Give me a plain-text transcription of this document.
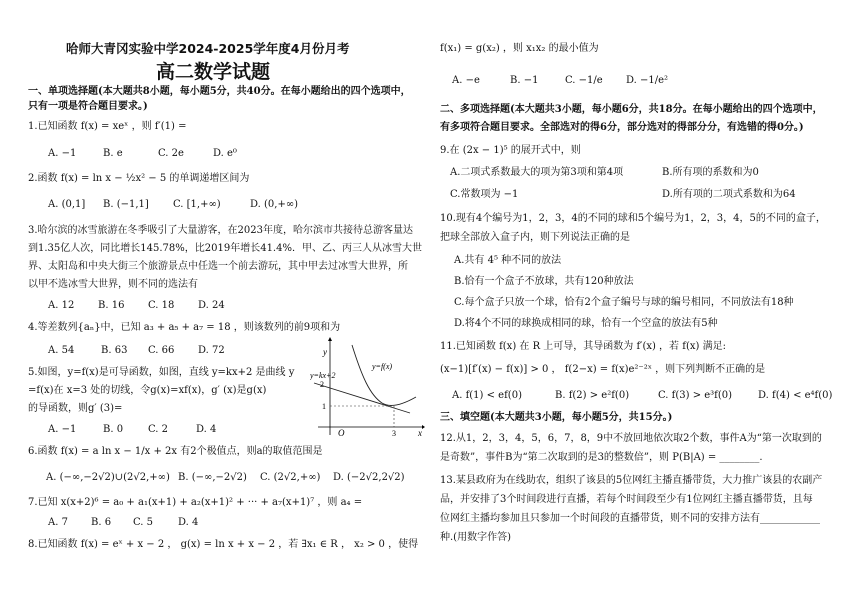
哈师大青冈实验中学2024-2025学年度4月份月考
高二数学试题
一、单项选择题(本大题共8小题，每小题5分，共40分。在每小题给出的四个选项中，
只有一项是符合题目要求。)
1.已知函数 f(x) = xeˣ ，则 f′(1) =
A. −1	B. e	C. 2e	D. e⁰
2.函数 f(x) = ln x − ½x² − 5 的单调递增区间为
A. (0,1] B. (−1,1] C. [1,+∞)	D. (0,+∞)
3.哈尔滨的冰雪旅游在冬季吸引了大量游客，在2023年度，哈尔滨市共接待总游客量达
到1.35亿人次，同比增长145.78%，比2019年增长41.4%．甲、乙、丙三人从冰雪大世
界、太阳岛和中央大街三个旅游景点中任选一个前去游玩，其中甲去过冰雪大世界，所
以甲不选冰雪大世界，则不同的选法有
A. 12 B. 16 C. 18 D. 24
4.等差数列{aₙ}中，已知 a₃ + a₅ + a₇ = 18 ，则该数列的前9项和为
A. 54	B. 63 C. 66 D. 72
5.如图，y=f(x)是可导函数，如图，直线 y=kx+2 是曲线 y
=f(x)在 x=3 处的切线，令g(x)=xf(x)，g′ (x)是g(x)
的导函数，则g′ (3)=
A. −1	B. 0 C. 2	D. 4
6.函数 f(x) = a ln x − 1/x + 2x 有2个极值点，则a的取值范围是
A. (−∞,−2√2)∪(2√2,+∞) B. (−∞,−2√2) C. (2√2,+∞) D. (−2√2,2√2)
7.已知 x(x+2)⁶ = a₀ + a₁(x+1) + a₂(x+1)² + ··· + a₇(x+1)⁷ ，则 a₄ =
A. 7 B. 6 C. 5 D. 4
8.已知函数 f(x) = eˣ + x − 2 ， g(x) = ln x + x − 2 ，若 ∃x₁ ∈ R ， x₂ > 0 ，使得
y
x
O
2
1
3
y=f(x)
y=kx+2
f(x₁) = g(x₂) ，则 x₁x₂ 的最小值为
A. −e	B. −1	C. −1/e D. −1/e²
二、多项选择题(本大题共3小题，每小题6分，共18分。在每小题给出的四个选项中，
有多项符合题目要求。全部选对的得6分，部分选对的得部分分，有选错的得0分。)
9.在 (2x − 1)⁵ 的展开式中，则
A.二项式系数最大的项为第3项和第4项	B.所有项的系数和为0
C.常数项为 −1	D.所有项的二项式系数和为64
10.现有4个编号为1，2，3，4的不同的球和5个编号为1，2，3，4，5的不同的盒子，
把球全部放入盒子内，则下列说法正确的是
A.共有 4⁵ 种不同的放法
B.恰有一个盒子不放球，共有120种放法
C.每个盒子只放一个球，恰有2个盒子编号与球的编号相同，不同放法有18种
D.将4个不同的球换成相同的球，恰有一个空盒的放法有5种
11.已知函数 f(x) 在 R 上可导，其导函数为 f′(x) ，若 f(x) 满足:
(x−1)[f′(x) − f(x)] > 0 ， f(2−x) = f(x)e²⁻²ˣ ，则下列判断不正确的是
A. f(1) < ef(0)	B. f(2) > e²f(0)	C. f(3) > e³f(0)	D. f(4) < e⁴f(0)
三、填空题(本大题共3小题，每小题5分，共15分。)
12.从1，2，3，4，5，6，7，8，9中不放回地依次取2个数，事件A为“第一次取到的
是奇数”，事件B为“第二次取到的是3的整数倍”，则 P(B|A) = ________.
13.某县政府为在线助农，组织了该县的5位网红主播直播带货，大力推广该县的农副产
品，并安排了3个时间段进行直播，若每个时间段至少有1位网红主播直播带货，且每
位网红主播均参加且只参加一个时间段的直播带货，则不同的安排方法有____________
种.(用数字作答)
